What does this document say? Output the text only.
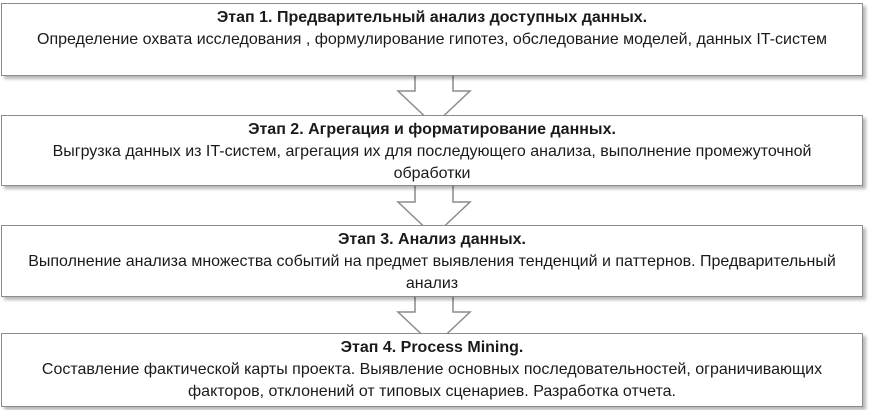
Этап 1. Предварительный анализ доступных данных.
Определение охвата исследования , формулирование гипотез, обследование моделей, данных IT-систем
Этап 2. Агрегация и форматирование данных.
Выгрузка данных из IT-систем, агрегация их для последующего анализа, выполнение промежуточной обработки
Этап 3. Анализ данных.
Выполнение анализа множества событий на предмет выявления тенденций и паттернов. Предварительный анализ
Этап 4. Process Mining.
Составление фактической карты проекта. Выявление основных последовательностей, ограничивающих факторов, отклонений от типовых сценариев. Разработка отчета.
